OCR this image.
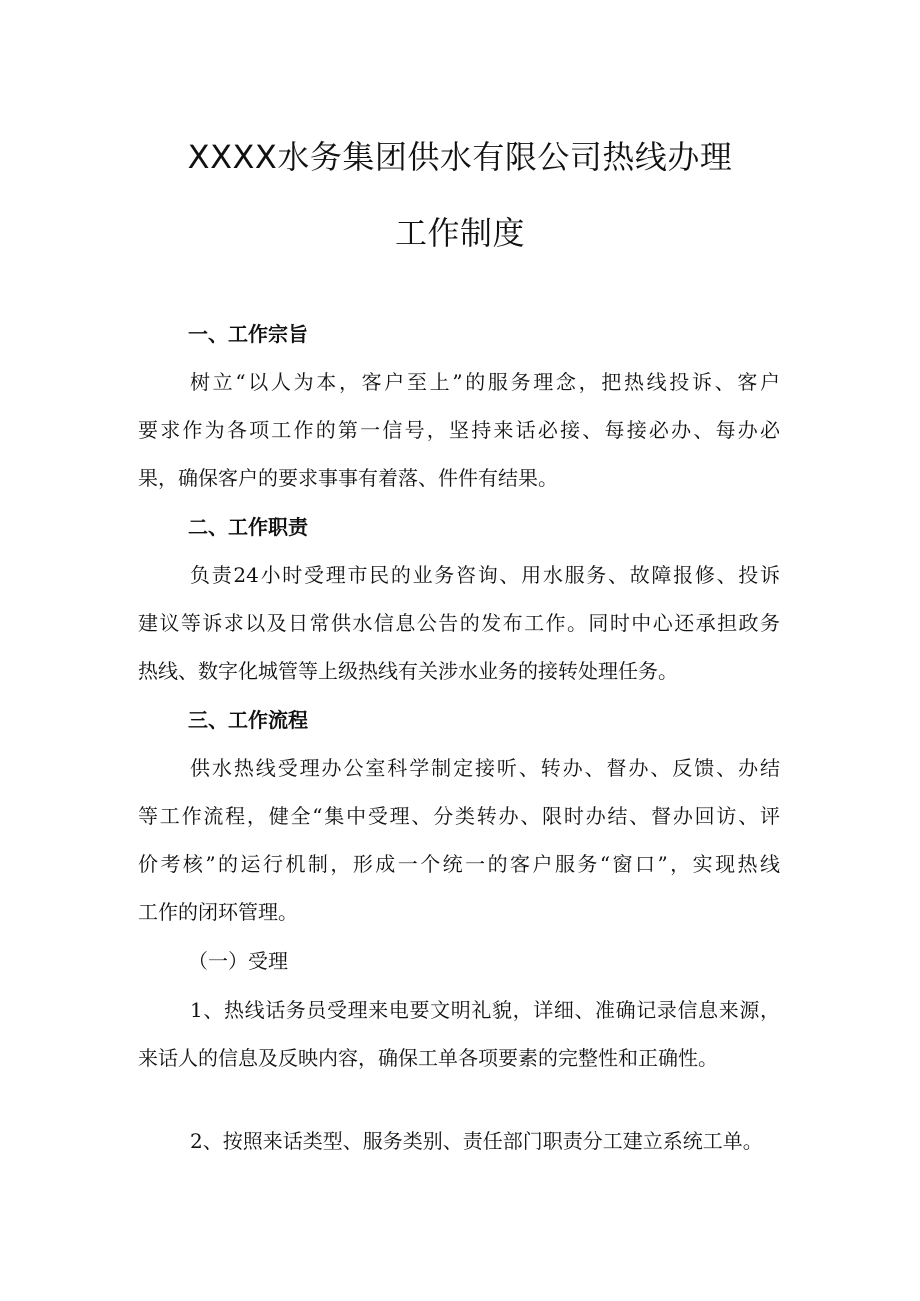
XXXX水务集团供水有限公司热线办理
工作制度
一、工作宗旨
树立“以人为本，客户至上”的服务理念，把热线投诉、客户
要求作为各项工作的第一信号，坚持来话必接、每接必办、每办必
果，确保客户的要求事事有着落、件件有结果。
二、工作职责
负责24小时受理市民的业务咨询、用水服务、故障报修、投诉
建议等诉求以及日常供水信息公告的发布工作。同时中心还承担政务
热线、数字化城管等上级热线有关涉水业务的接转处理任务。
三、工作流程
供水热线受理办公室科学制定接听、转办、督办、反馈、办结
等工作流程，健全“集中受理、分类转办、限时办结、督办回访、评
价考核”的运行机制，形成一个统一的客户服务“窗口”，实现热线
工作的闭环管理。
（一）受理
1、热线话务员受理来电要文明礼貌，详细、准确记录信息来源，
来话人的信息及反映内容，确保工单各项要素的完整性和正确性。
2、按照来话类型、服务类别、责任部门职责分工建立系统工单。
